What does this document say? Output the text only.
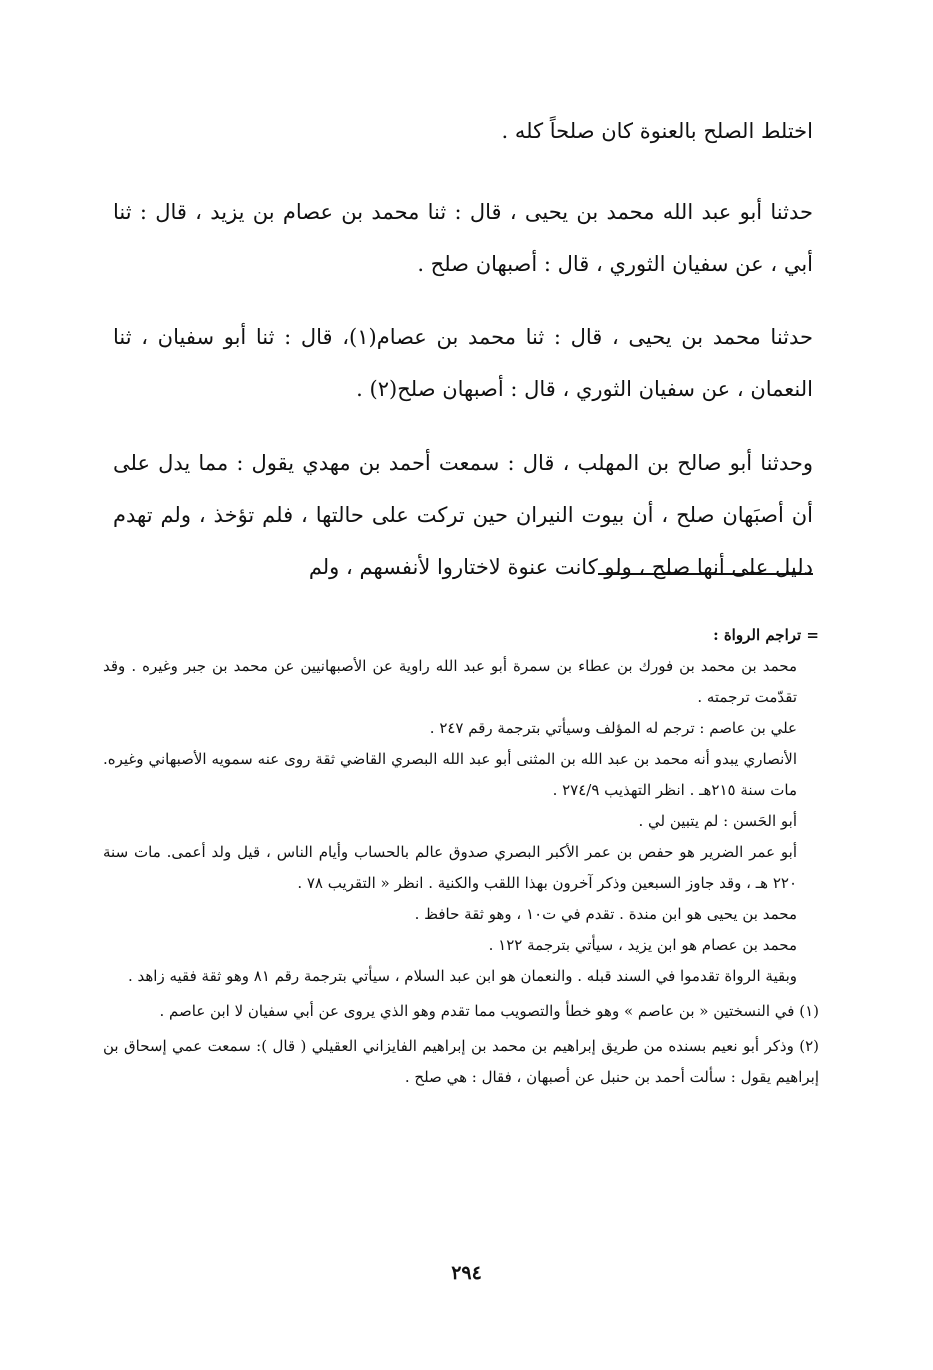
اختلط الصلح بالعنوة كان صلحاً كله .

حدثنا أبو عبد الله محمد بن يحيى ، قال : ثنا محمد بن عصام بن يزيد ، قال : ثنا أبي ، عن سفيان الثوري ، قال : أصبهان صلح .

حدثنا محمد بن يحيى ، قال : ثنا محمد بن عصام(١)، قال : ثنا أبو سفيان ، ثنا النعمان ، عن سفيان الثوري ، قال : أصبهان صلح(٢) .

وحدثنا أبو صالح بن المهلب ، قال : سمعت أحمد بن مهدي يقول : مما يدل على أن أصبَهان صلح ، أن بيوت النيران حين تركت على حالتها ، فلم تؤخذ ، ولم تهدم دليل على أنها صلح ، ولو كانت عنوة لاختاروا لأنفسهم ، ولم

= تراجم الرواة :

محمد بن محمد بن فورك بن عطاء بن سمرة أبو عبد الله راوية عن الأصبهانيين عن محمد بن جبر وغيره . وقد تقدّمت ترجمته .

علي بن عاصم : ترجم له المؤلف وسيأتي بترجمة رقم ٢٤٧ .

الأنصاري يبدو أنه محمد بن عبد الله بن المثنى أبو عبد الله البصري القاضي ثقة روى عنه سمويه الأصبهاني وغيره. مات سنة ٢١٥هـ . انظر التهذيب ٢٧٤/٩ .

أبو الحَسن : لم يتبين لي .

أبو عمر الضرير هو حفص بن عمر الأكبر البصري صدوق عالم بالحساب وأيام الناس ، قيل ولد أعمى. مات سنة ٢٢٠ هـ ، وقد جاوز السبعين وذكر آخرون بهذا اللقب والكنية . انظر « التقريب ٧٨ .

محمد بن يحيى هو ابن مندة . تقدم في ت١٠ ، وهو ثقة حافظ .

محمد بن عصام هو ابن يزيد ، سيأتي بترجمة ١٢٢ .

وبقية الرواة تقدموا في السند قبله . والنعمان هو ابن عبد السلام ، سيأتي بترجمة رقم ٨١ وهو ثقة فقيه زاهد .

(١) في النسختين « بن عاصم » وهو خطأ والتصويب مما تقدم وهو الذي يروى عن أبي سفيان لا ابن عاصم .

(٢) وذكر أبو نعيم بسنده من طريق إبراهيم بن محمد بن إبراهيم الفايزاني العقيلي ( قال ): سمعت عمي إسحاق بن إبراهيم يقول : سألت أحمد بن حنبل عن أصبهان ، فقال : هي صلح .

٢٩٤
